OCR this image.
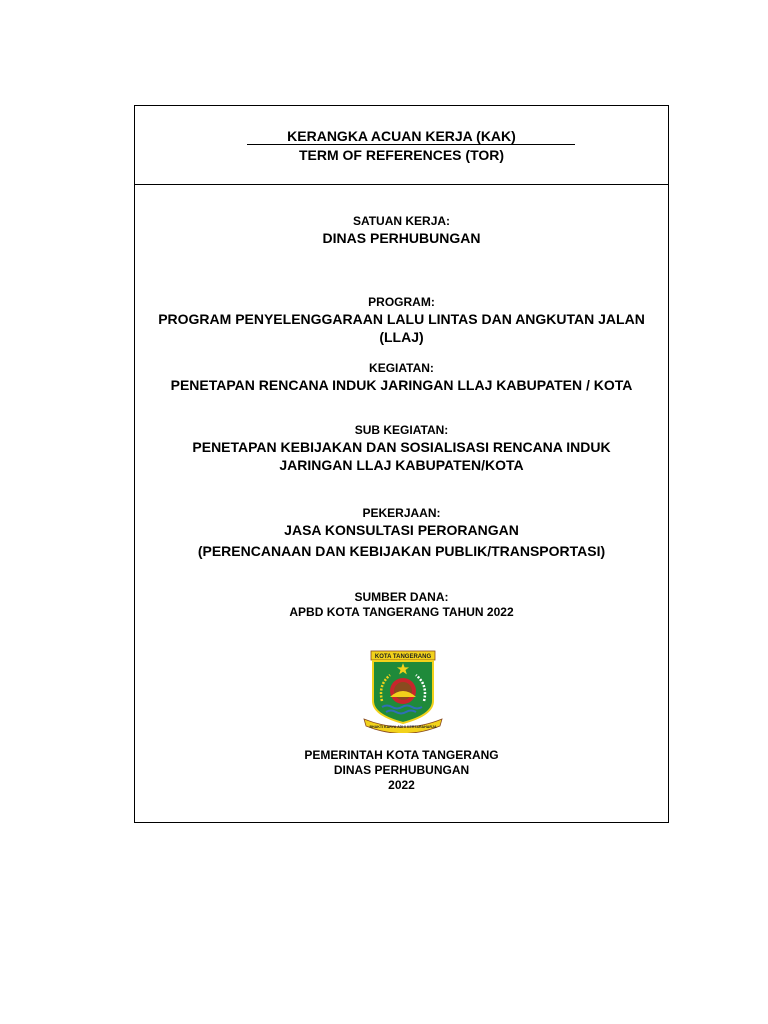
KERANGKA ACUAN KERJA (KAK)
TERM OF REFERENCES (TOR)

SATUAN KERJA:

DINAS PERHUBUNGAN

PROGRAM:

PROGRAM PENYELENGGARAAN LALU LINTAS DAN ANGKUTAN JALAN

(LLAJ)

KEGIATAN:

PENETAPAN RENCANA INDUK JARINGAN LLAJ KABUPATEN / KOTA

SUB KEGIATAN:

PENETAPAN KEBIJAKAN DAN SOSIALISASI RENCANA INDUK

JARINGAN LLAJ KABUPATEN/KOTA

PEKERJAAN:

JASA KONSULTASI PERORANGAN

(PERENCANAAN DAN KEBIJAKAN PUBLIK/TRANSPORTASI)

SUMBER DANA:

APBD KOTA TANGERANG TAHUN 2022

KOTA TANGERANG
BHAKTI KARYA ADHI KERTARAHARJA

PEMERINTAH KOTA TANGERANG

DINAS PERHUBUNGAN

2022
